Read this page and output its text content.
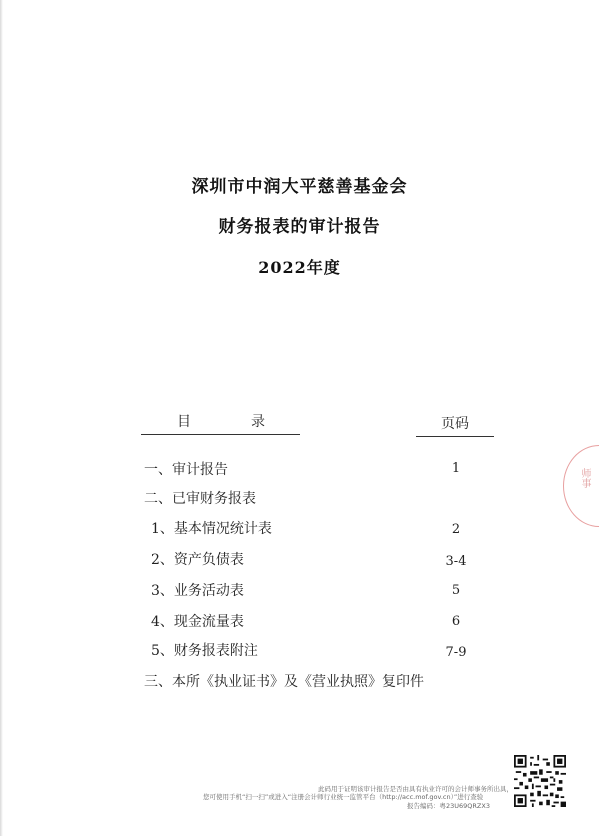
深圳市中润大平慈善基金会
财务报表的审计报告
2022年度
目	录	页码
一、审计报告	1
二、已审财务报表
1、基本情况统计表	2
2、资产负债表	3-4
3、业务活动表	5
4、现金流量表	6
5、财务报表附注	7-9
三、本所《执业证书》及《营业执照》复印件
师事
此码用于证明该审计报告是否由具有执业许可的会计师事务所出具，
您可使用手机“扫一扫”或进入“注册会计师行业统一监管平台（http://acc.mof.gov.cn）”进行查验
报告编码：粤23U69QRZX3
